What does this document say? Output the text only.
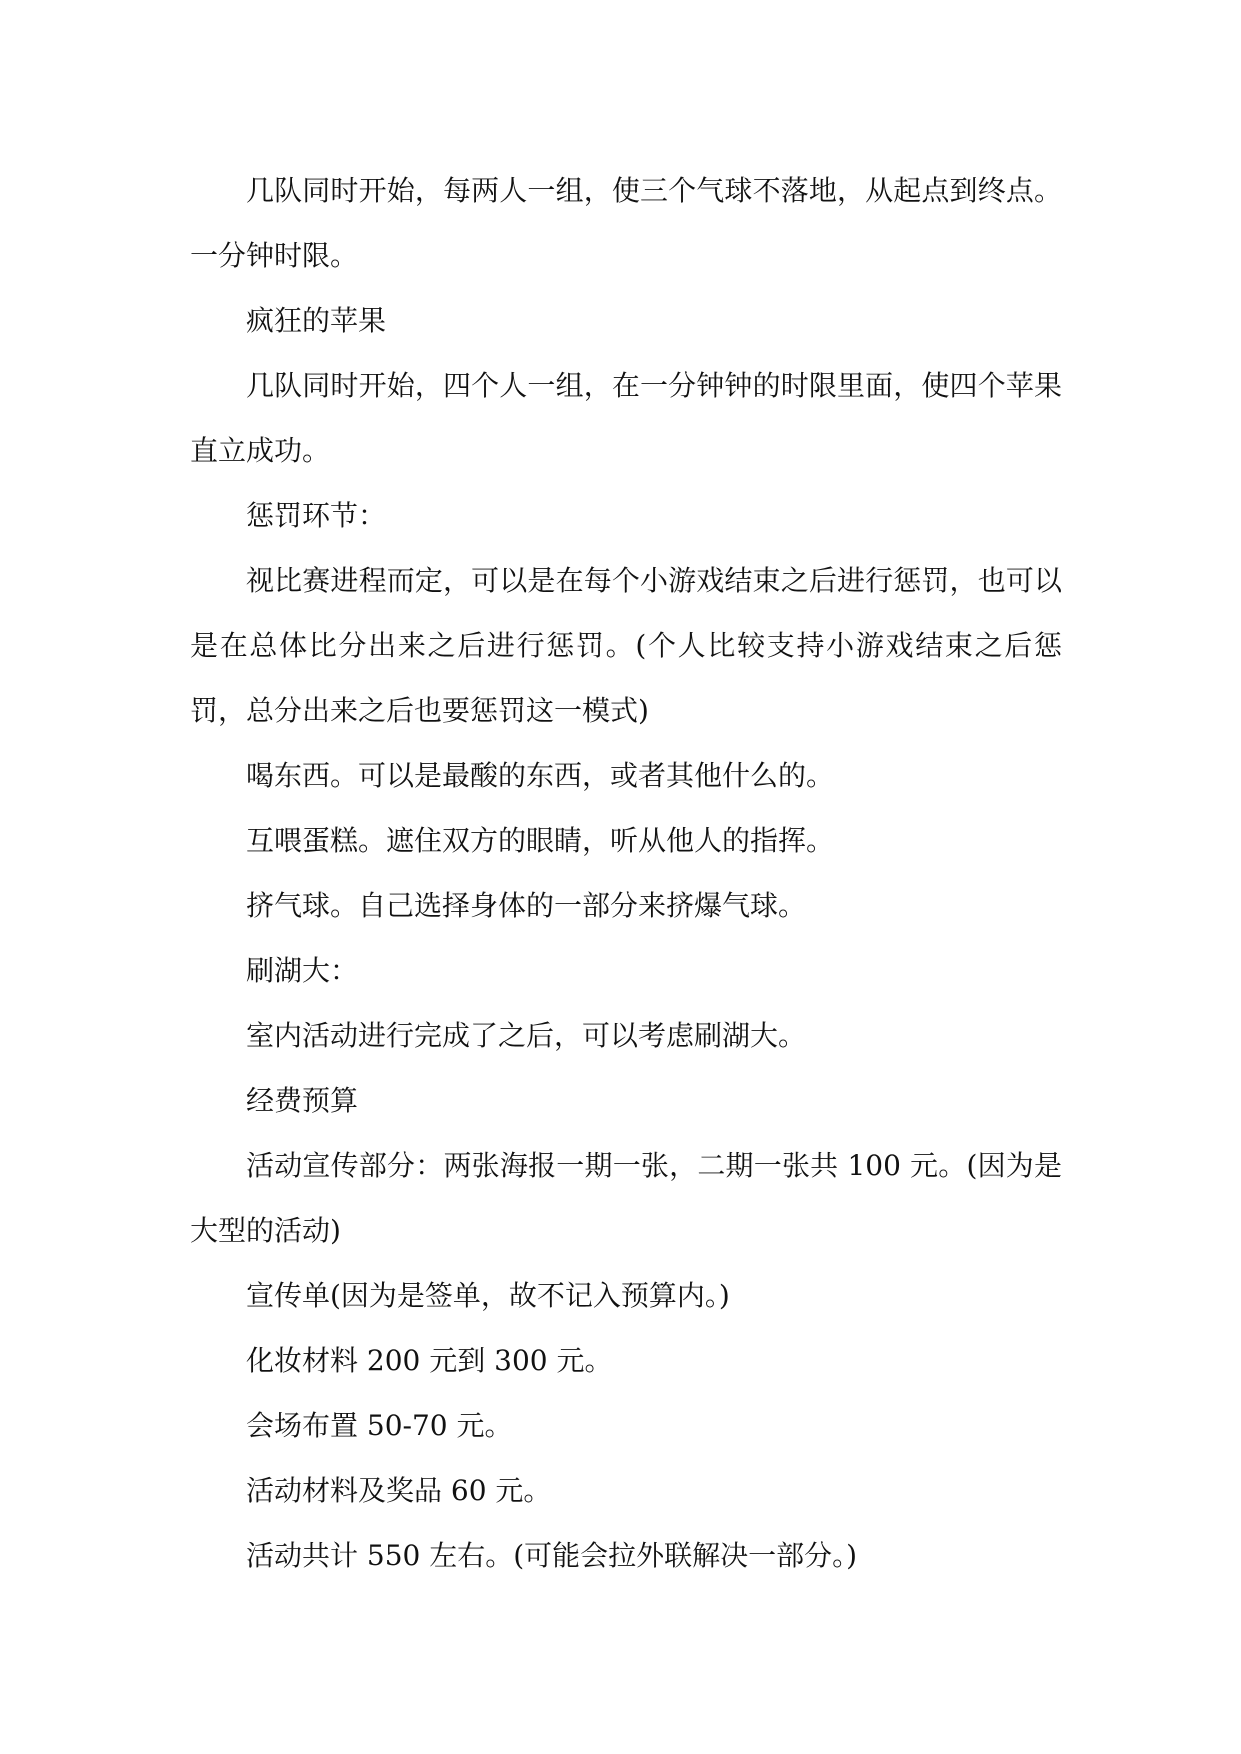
几队同时开始，每两人一组，使三个气球不落地，从起点到终点。一分钟时限。

疯狂的苹果

几队同时开始，四个人一组，在一分钟钟的时限里面，使四个苹果直立成功。

惩罚环节：

视比赛进程而定，可以是在每个小游戏结束之后进行惩罚，也可以是在总体比分出来之后进行惩罚。(个人比较支持小游戏结束之后惩罚，总分出来之后也要惩罚这一模式)

喝东西。可以是最酸的东西，或者其他什么的。

互喂蛋糕。遮住双方的眼睛，听从他人的指挥。

挤气球。自己选择身体的一部分来挤爆气球。

刷湖大：

室内活动进行完成了之后，可以考虑刷湖大。

经费预算

活动宣传部分：两张海报一期一张，二期一张共 100 元。(因为是大型的活动)

宣传单(因为是签单，故不记入预算内。)

化妆材料 200 元到 300 元。

会场布置 50-70 元。

活动材料及奖品 60 元。

活动共计 550 左右。(可能会拉外联解决一部分。)
